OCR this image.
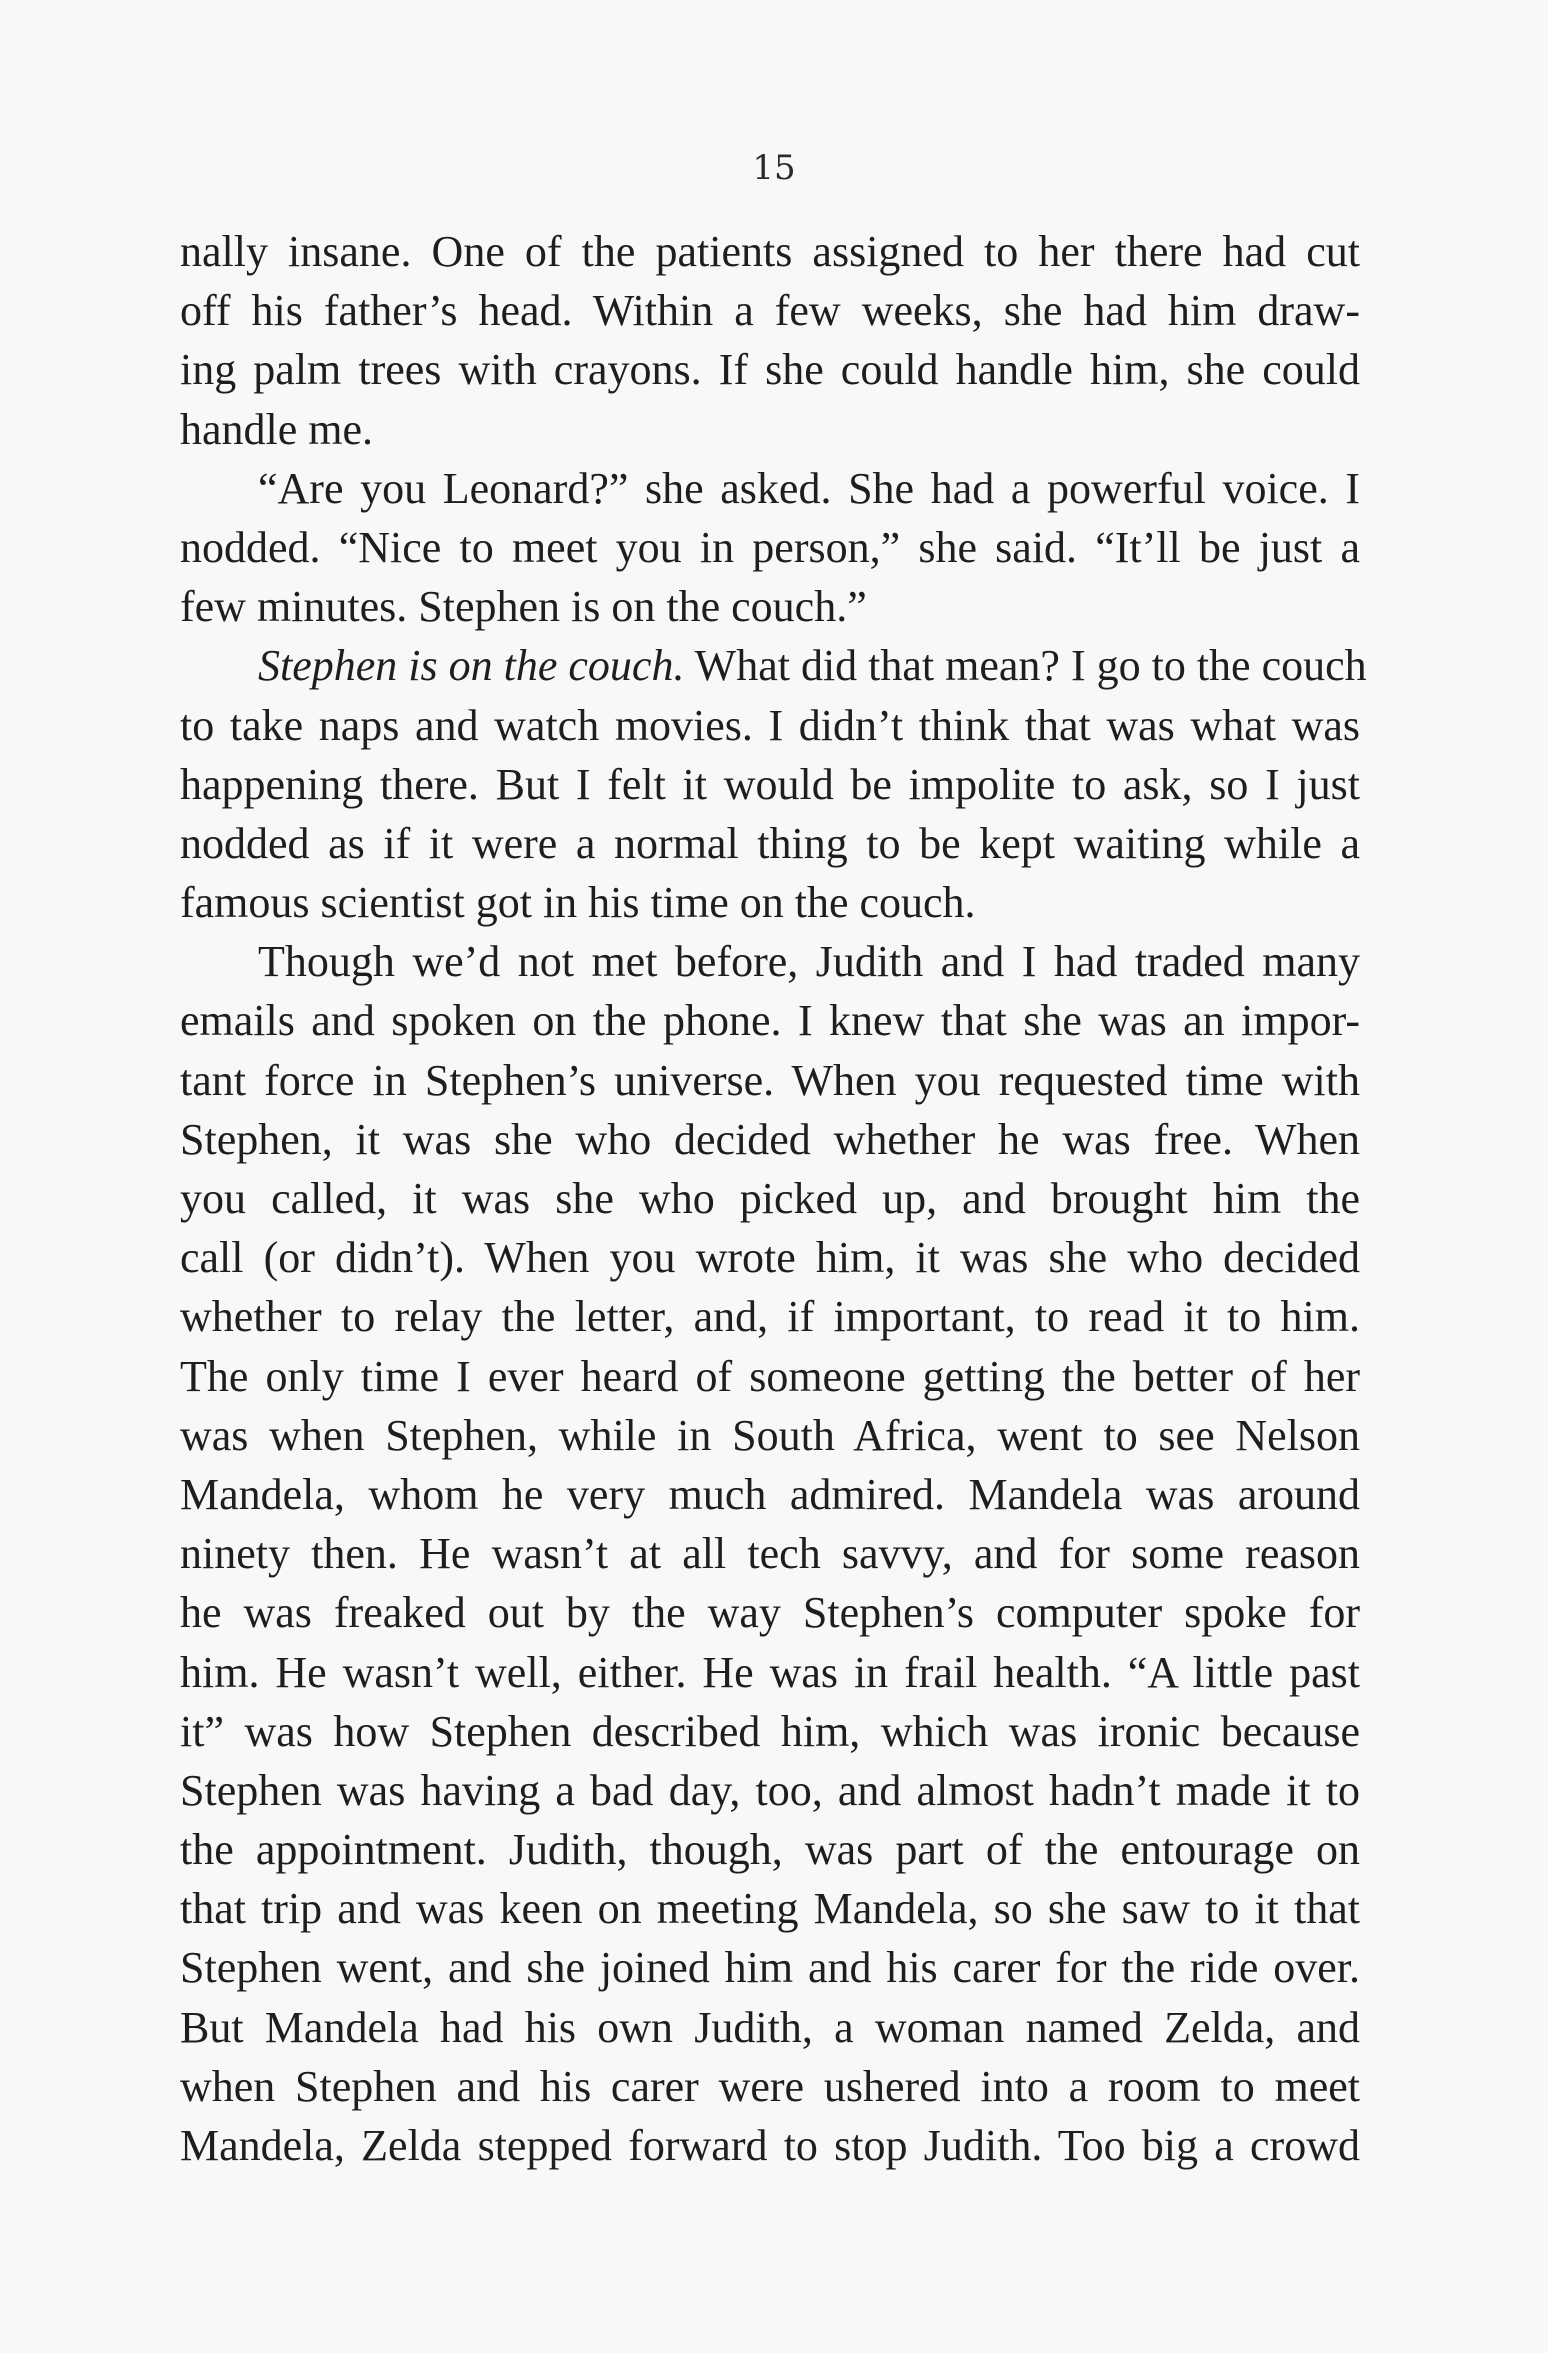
15
nally insane. One of the patients assigned to her there had cut
off his father’s head. Within a few weeks, she had him draw-
ing palm trees with crayons. If she could handle him, she could
handle me.
“Are you Leonard?” she asked. She had a powerful voice. I
nodded. “Nice to meet you in person,” she said. “It’ll be just a
few minutes. Stephen is on the couch.”
Stephen is on the couch. What did that mean? I go to the couch
to take naps and watch movies. I didn’t think that was what was
happening there. But I felt it would be impolite to ask, so I just
nodded as if it were a normal thing to be kept waiting while a
famous scientist got in his time on the couch.
Though we’d not met before, Judith and I had traded many
emails and spoken on the phone. I knew that she was an impor-
tant force in Stephen’s universe. When you requested time with
Stephen, it was she who decided whether he was free. When
you called, it was she who picked up, and brought him the
call (or didn’t). When you wrote him, it was she who decided
whether to relay the letter, and, if important, to read it to him.
The only time I ever heard of someone getting the better of her
was when Stephen, while in South Africa, went to see Nelson
Mandela, whom he very much admired. Mandela was around
ninety then. He wasn’t at all tech savvy, and for some reason
he was freaked out by the way Stephen’s computer spoke for
him. He wasn’t well, either. He was in frail health. “A little past
it” was how Stephen described him, which was ironic because
Stephen was having a bad day, too, and almost hadn’t made it to
the appointment. Judith, though, was part of the entourage on
that trip and was keen on meeting Mandela, so she saw to it that
Stephen went, and she joined him and his carer for the ride over.
But Mandela had his own Judith, a woman named Zelda, and
when Stephen and his carer were ushered into a room to meet
Mandela, Zelda stepped forward to stop Judith. Too big a crowd
